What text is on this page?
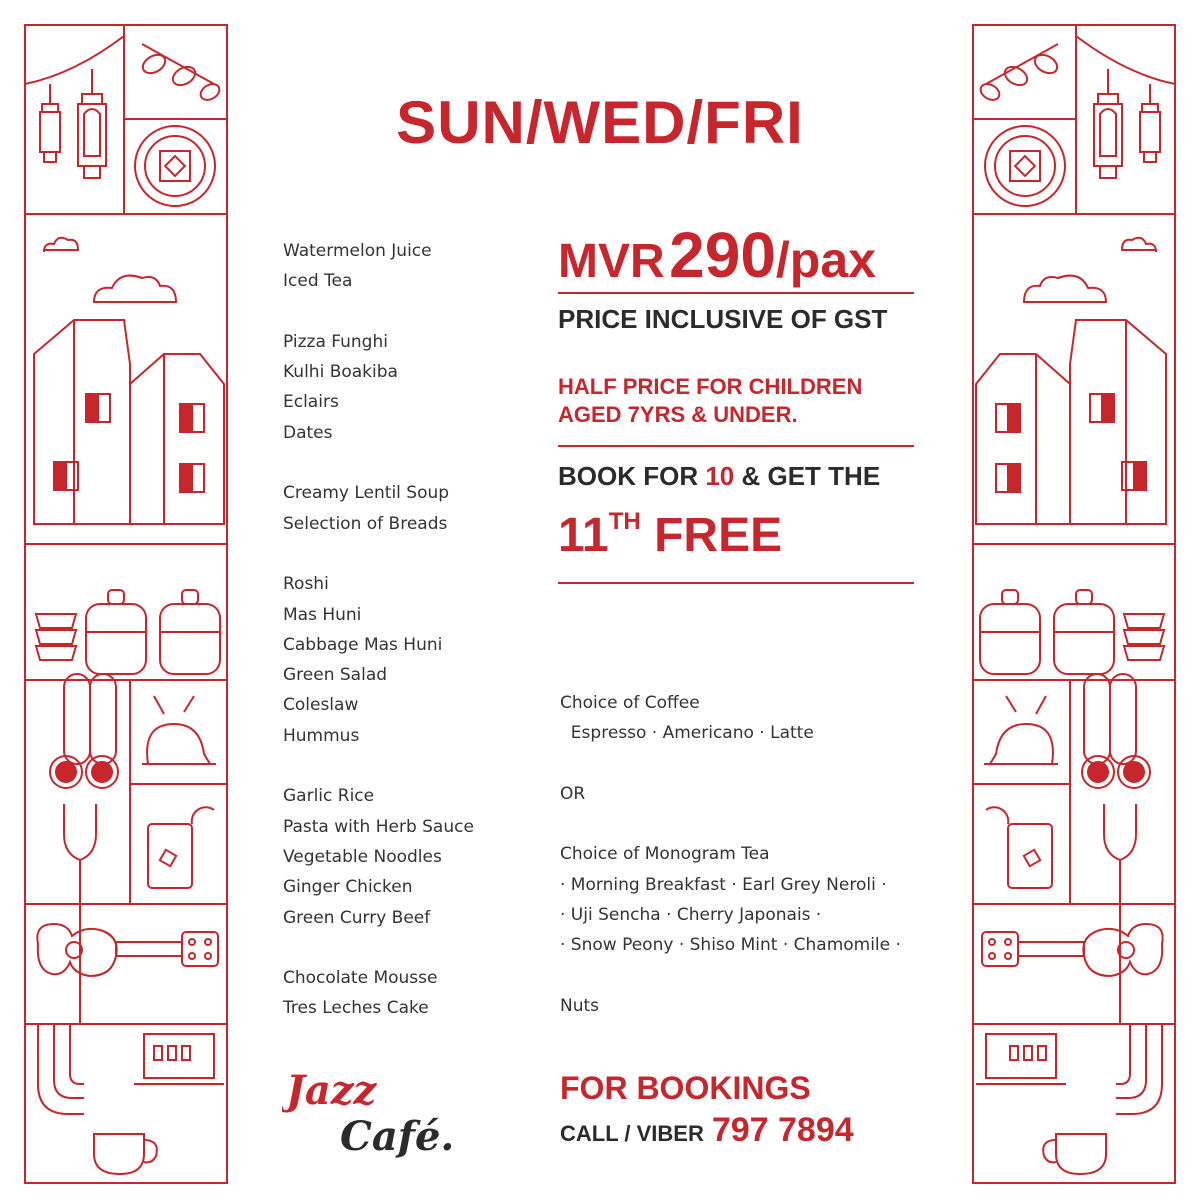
SUN/WED/FRI
Watermelon Juice
Iced Tea
Pizza Funghi
Kulhi Boakiba
Eclairs
Dates
Creamy Lentil Soup
Selection of Breads
Roshi
Mas Huni
Cabbage Mas Huni
Green Salad
Coleslaw
Hummus
Garlic Rice
Pasta with Herb Sauce
Vegetable Noodles
Ginger Chicken
Green Curry Beef
Chocolate Mousse
Tres Leches Cake
MVR 290/pax
PRICE INCLUSIVE OF GST
HALF PRICE FOR CHILDREN
AGED 7YRS & UNDER.
BOOK FOR 10 & GET THE
11TH FREE
Choice of Coffee
Espresso · Americano · Latte
OR
Choice of Monogram Tea
· Morning Breakfast · Earl Grey Neroli ·
· Uji Sencha · Cherry Japonais ·
· Snow Peony · Shiso Mint · Chamomile ·
Nuts
Jazz
Café.
FOR BOOKINGS
CALL / VIBER 797 7894
